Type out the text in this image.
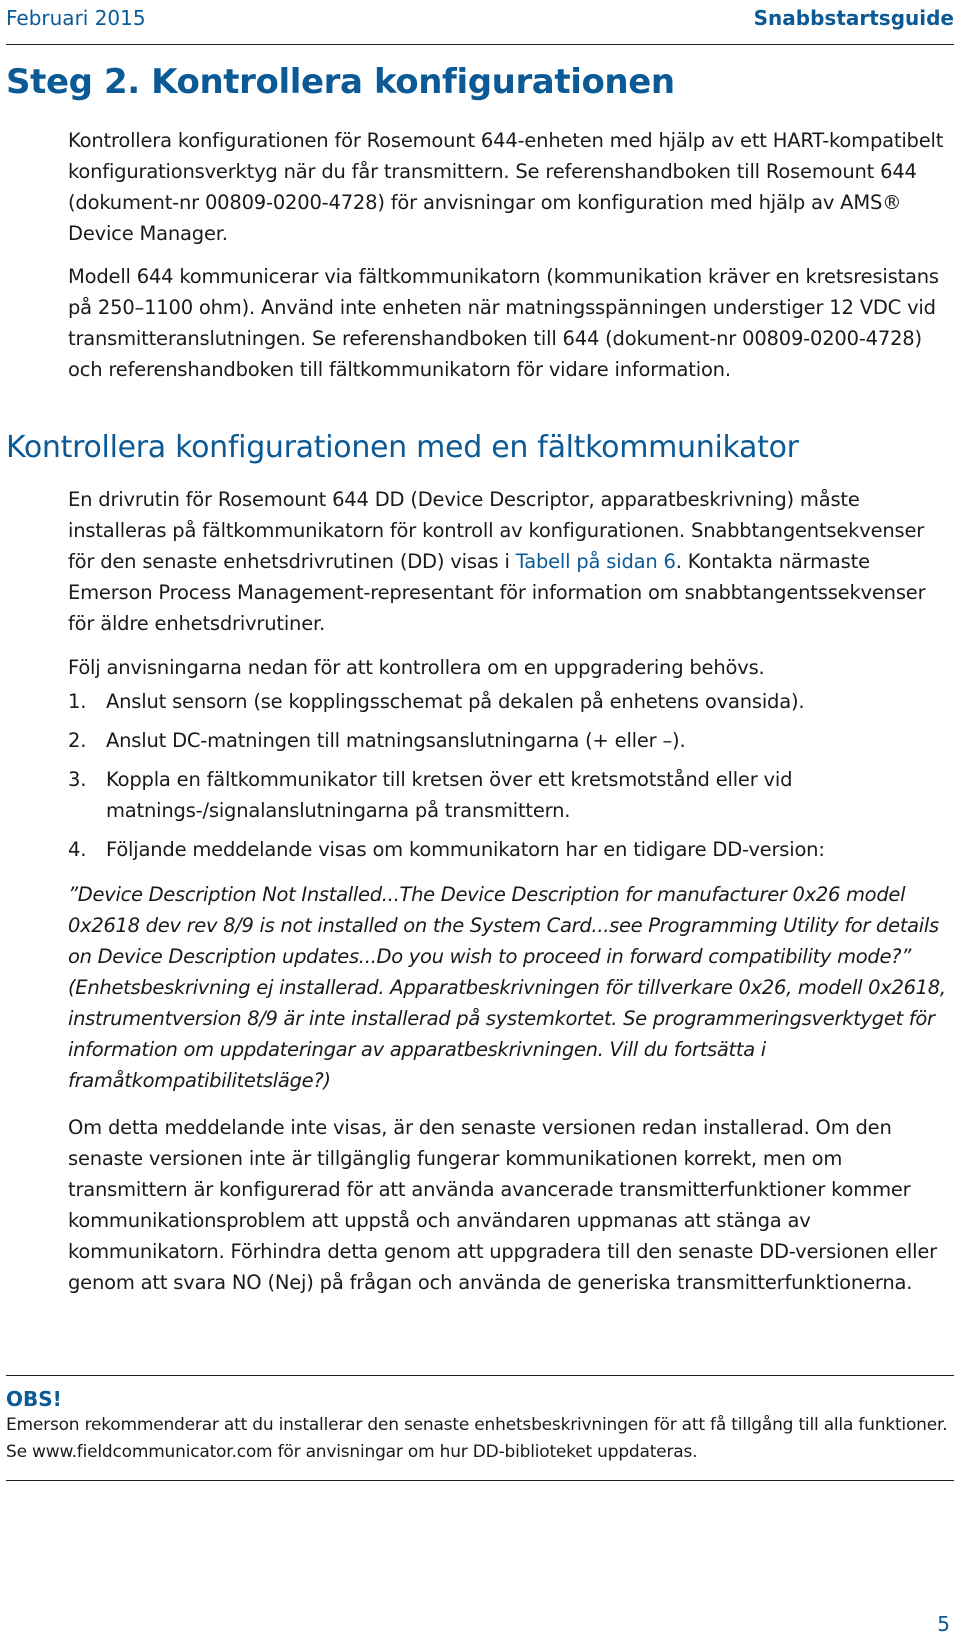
Februari 2015	Snabbstartsguide
Steg 2. Kontrollera konfigurationen

Kontrollera konfigurationen för Rosemount 644-enheten med hjälp av ett HART-kompatibelt konfigurationsverktyg när du får transmittern. Se referenshandboken till Rosemount 644 (dokument-nr 00809-0200-4728) för anvisningar om konfiguration med hjälp av AMS® Device Manager.

Modell 644 kommunicerar via fältkommunikatorn (kommunikation kräver en kretsresistans på 250–1100 ohm). Använd inte enheten när matningsspänningen understiger 12 VDC vid transmitteranslutningen. Se referenshandboken till 644 (dokument-nr 00809-0200-4728) och referenshandboken till fältkommunikatorn för vidare information.

Kontrollera konfigurationen med en fältkommunikator

En drivrutin för Rosemount 644 DD (Device Descriptor, apparatbeskrivning) måste installeras på fältkommunikatorn för kontroll av konfigurationen. Snabbtangentsekvenser för den senaste enhetsdrivrutinen (DD) visas i Tabell på sidan 6. Kontakta närmaste Emerson Process Management-representant för information om snabbtangentssekvenser för äldre enhetsdrivrutiner.

Följ anvisningarna nedan för att kontrollera om en uppgradering behövs.

1. Anslut sensorn (se kopplingsschemat på dekalen på enhetens ovansida).
2. Anslut DC-matningen till matningsanslutningarna (+ eller –).
3. Koppla en fältkommunikator till kretsen över ett kretsmotstånd eller vid matnings-/signalanslutningarna på transmittern.
4. Följande meddelande visas om kommunikatorn har en tidigare DD-version:

”Device Description Not Installed...The Device Description for manufacturer 0x26 model 0x2618 dev rev 8/9 is not installed on the System Card...see Programming Utility for details on Device Description updates...Do you wish to proceed in forward compatibility mode?” (Enhetsbeskrivning ej installerad. Apparatbeskrivningen för tillverkare 0x26, modell 0x2618, instrumentversion 8/9 är inte installerad på systemkortet. Se programmeringsverktyget för information om uppdateringar av apparatbeskrivningen. Vill du fortsätta i framåtkompatibilitetsläge?)

Om detta meddelande inte visas, är den senaste versionen redan installerad. Om den senaste versionen inte är tillgänglig fungerar kommunikationen korrekt, men om transmittern är konfigurerad för att använda avancerade transmitterfunktioner kommer kommunikationsproblem att uppstå och användaren uppmanas att stänga av kommunikatorn. Förhindra detta genom att uppgradera till den senaste DD-versionen eller genom att svara NO (Nej) på frågan och använda de generiska transmitterfunktionerna.

OBS!
Emerson rekommenderar att du installerar den senaste enhetsbeskrivningen för att få tillgång till alla funktioner. Se www.fieldcommunicator.com för anvisningar om hur DD-biblioteket uppdateras.
5
